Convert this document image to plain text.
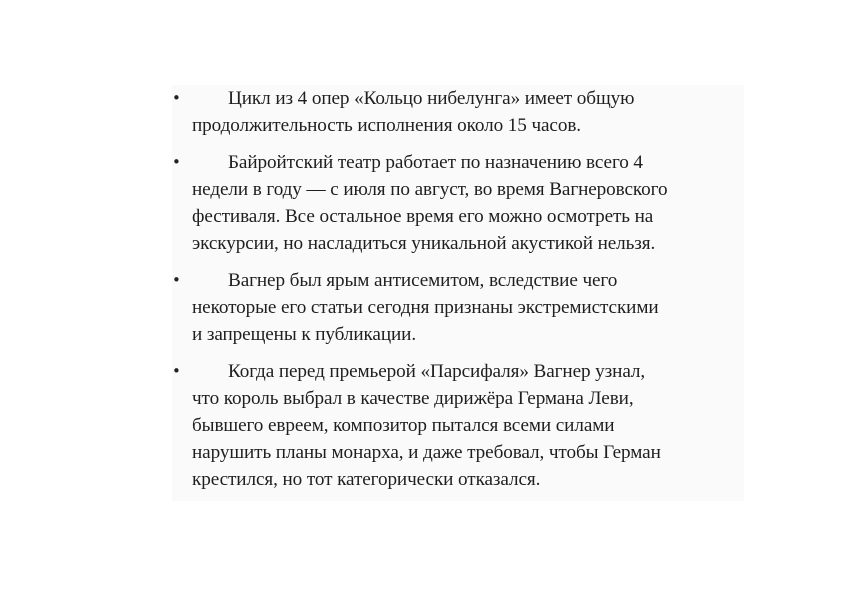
•	Цикл из 4 опер «Кольцо нибелунга» имеет общую
продолжительность исполнения около 15 часов.
•	Байройтский театр работает по назначению всего 4
недели в году — с июля по август, во время Вагнеровского
фестиваля. Все остальное время его можно осмотреть на
экскурсии, но насладиться уникальной акустикой нельзя.
•	Вагнер был ярым антисемитом, вследствие чего
некоторые его статьи сегодня признаны экстремистскими
и запрещены к публикации.
•	Когда перед премьерой «Парсифаля» Вагнер узнал,
что король выбрал в качестве дирижёра Германа Леви,
бывшего евреем, композитор пытался всеми силами
нарушить планы монарха, и даже требовал, чтобы Герман
крестился, но тот категорически отказался.
